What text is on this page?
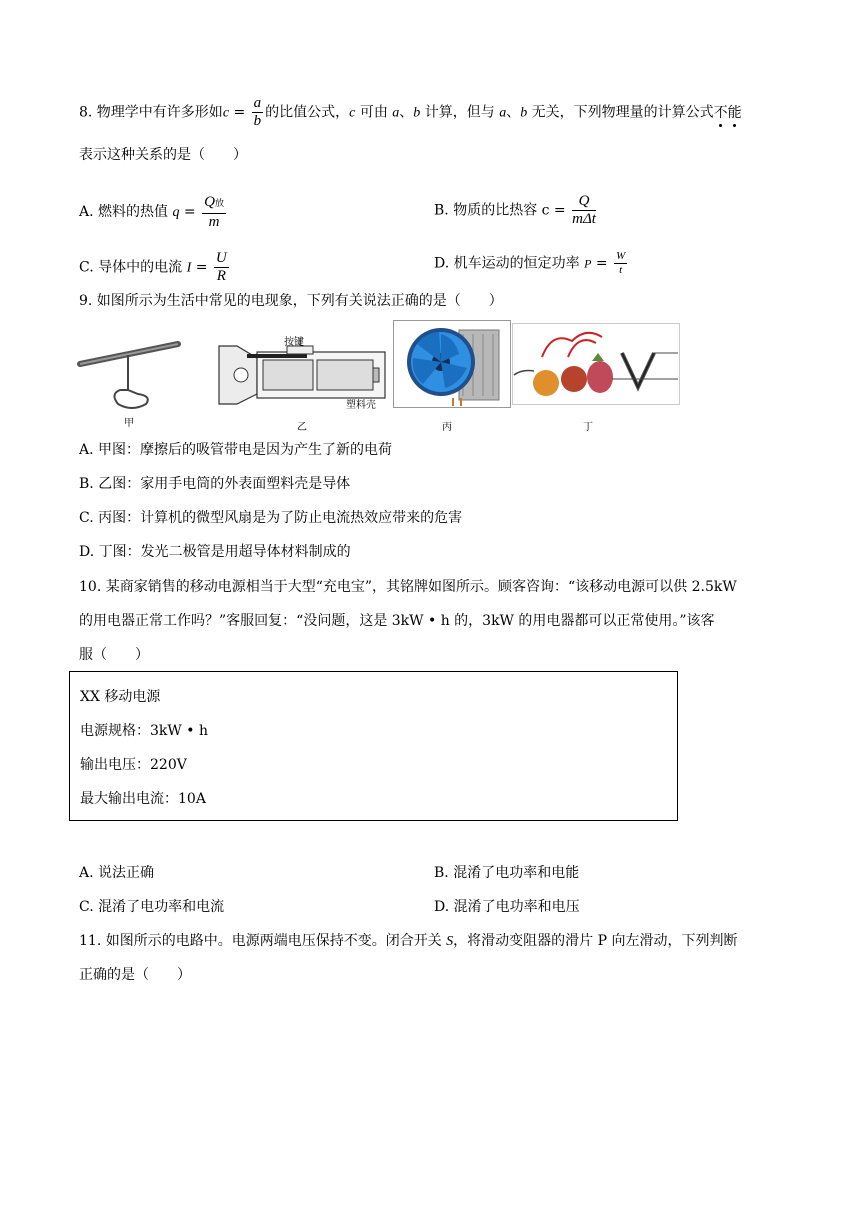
8. 物理学中有许多形如$c = \frac{a}{b}$ 的比值公式，c 可由 a、b 计算，但与 a、b 无关，下列物理量的计算公式不能
表示这种关系的是（　　）
A. 燃料的热值 $q = \frac{\text{Q放}}{m}$	B. 物质的比热容 $c = \frac{Q}{\text{mΔt}}$
C. 导体中的电流 $I = \frac{U}{R}$	D. 机车运动的恒定功率 $P = \frac{W}{t}$
9. 如图所示为生活中常见的电现象，下列有关说法正确的是（　　）
甲
按键
塑料壳
乙	丙	丁
A. 甲图：摩擦后的吸管带电是因为产生了新的电荷
B. 乙图：家用手电筒的外表面塑料壳是导体
C. 丙图：计算机的微型风扇是为了防止电流热效应带来的危害
D. 丁图：发光二极管是用超导体材料制成的
10. 某商家销售的移动电源相当于大型“充电宝”，其铭牌如图所示。顾客咨询：“该移动电源可以供 2.5kW
的用电器正常工作吗？”客服回复：“没问题，这是 3kW • h 的，3kW 的用电器都可以正常使用。”该客
服（　　）
XX 移动电源
电源规格：3kW • h
输出电压：220V
最大输出电流：10A
A. 说法正确	B. 混淆了电功率和电能
C. 混淆了电功率和电流	D. 混淆了电功率和电压
11. 如图所示的电路中。电源两端电压保持不变。闭合开关 S，将滑动变阻器的滑片 P 向左滑动，下列判断
正确的是（　　）
